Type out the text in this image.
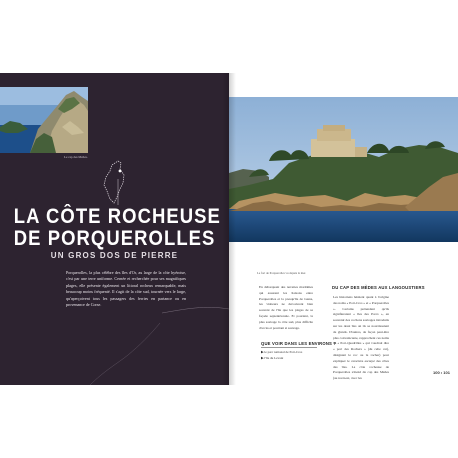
Le cap des Mèdes.
LA CÔTE ROCHEUSE
DE PORQUEROLLES
UN GROS DOS DE PIERRE

Porquerolles, la plus célèbre des îles d'Or, au large de la côte hyéroise, c'est par une terre uniforme. Cernée et recherchée pour ses magnifiques plages, elle présente également un littoral rocheux remarquable, mais beaucoup moins fréquenté. Il s'agit de la côte sud, tournée vers le large, qu'aperçoivent tous les passagers des ferries en partance ou en provenance de Corse.

Le fort de Porquerolles vu depuis la mer.

En débarquant des navettes maritimes qui assurent les liaisons entre Porquerolles et la presqu'île de Giens, les visiteurs ne découvrent bien souvent de l'île que les plages de sa façade septentrionale. Et pourtant, la plus sauvage la côte sud, plus difficile d'accès et pourtant si sauvage.

DU CAP DES MÈDES AUX LANGOUSTIERS

Les historiens hésitent quant à l'origine des noms « Port-Cros » et « Porquerolles ». Certains prétendent qu'ils signifieraient « îles des Porcs », en souvenir des cochons sauvages introduits sur les deux îles où ils se nourrissaient de glands. D'autres, de façon peut-être plus convaincante, rapprochent ces noms de « Port-Quadrilles » qui voudrait dire « port des Rochers » (du celte car), désignant le roc ou le rocher) pour expliquer le caractère escarpé des côtes des îles. La côte rocheuse de Porquerolles s'étend du cap des Mèdes (au nord-est, avec les

QUE VOIR DANS LES ENVIRONS ?
▶ le parc national de Port-Cros
▶ l'île du Levant
100 • 101
